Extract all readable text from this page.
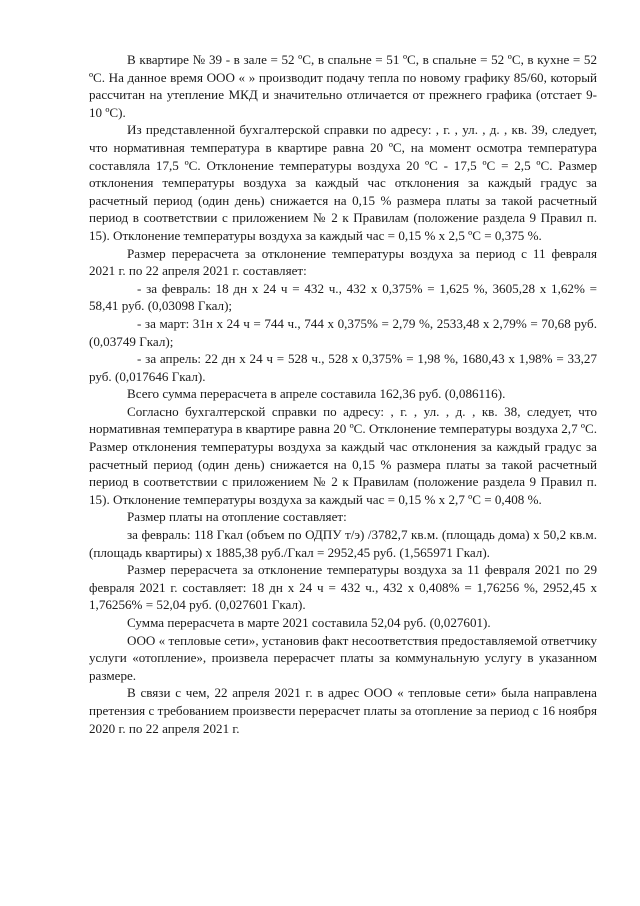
В квартире № 39 - в зале = 52 ºС, в спальне = 51 ºС, в спальне = 52 ºС, в кухне = 52 ºС. На данное время ООО « » производит подачу тепла по новому графику 85/60, который рассчитан на утепление МКД и значительно отличается от прежнего графика (отстает 9-10 ºС).

Из представленной бухгалтерской справки по адресу: , г. , ул. , д. , кв. 39, следует, что нормативная температура в квартире равна 20 ºС, на момент осмотра температура составляла 17,5 ºС. Отклонение температуры воздуха 20 ºС - 17,5 ºС = 2,5 ºС. Размер отклонения температуры воздуха за каждый час отклонения за каждый градус за расчетный период (один день) снижается на 0,15 % размера платы за такой расчетный период в соответствии с приложением № 2 к Правилам (положение раздела 9 Правил п. 15). Отклонение температуры воздуха за каждый час = 0,15 % x 2,5 ºС = 0,375 %.

Размер перерасчета за отклонение температуры воздуха за период с 11 февраля 2021 г. по 22 апреля 2021 г. составляет:

- за февраль: 18 дн х 24 ч = 432 ч., 432 х 0,375% = 1,625 %, 3605,28 х 1,62% = 58,41 руб. (0,03098 Гкал);

- за март: 31н х 24 ч = 744 ч., 744 х 0,375% = 2,79 %, 2533,48 х 2,79% = 70,68 руб. (0,03749 Гкал);

- за апрель: 22 дн х 24 ч = 528 ч., 528 х 0,375% = 1,98 %, 1680,43 х 1,98% = 33,27 руб. (0,017646 Гкал).

Всего сумма перерасчета в апреле составила 162,36 руб. (0,086116).

Согласно бухгалтерской справки по адресу: , г. , ул. , д. , кв. 38, следует, что нормативная температура в квартире равна 20 ºС. Отклонение температуры воздуха 2,7 ºС. Размер отклонения температуры воздуха за каждый час отклонения за каждый градус за расчетный период (один день) снижается на 0,15 % размера платы за такой расчетный период в соответствии с приложением № 2 к Правилам (положение раздела 9 Правил п. 15). Отклонение температуры воздуха за каждый час = 0,15 % x 2,7 ºС = 0,408 %.

Размер платы на отопление составляет:

за февраль: 118 Гкал (объем по ОДПУ т/э) /3782,7 кв.м. (площадь дома) х 50,2 кв.м. (площадь квартиры) х 1885,38 руб./Гкал = 2952,45 руб. (1,565971 Гкал).

Размер перерасчета за отклонение температуры воздуха за 11 февраля 2021 по 29 февраля 2021 г. составляет: 18 дн х 24 ч = 432 ч., 432 х 0,408% = 1,76256 %, 2952,45 х 1,76256% = 52,04 руб. (0,027601 Гкал).

Сумма перерасчета в марте 2021 составила 52,04 руб. (0,027601).

ООО « тепловые сети», установив факт несоответствия предоставляемой ответчику услуги «отопление», произвела перерасчет платы за коммунальную услугу в указанном размере.

В связи с чем, 22 апреля 2021 г. в адрес ООО « тепловые сети» была направлена претензия с требованием произвести перерасчет платы за отопление за период с 16 ноября 2020 г. по 22 апреля 2021 г.
